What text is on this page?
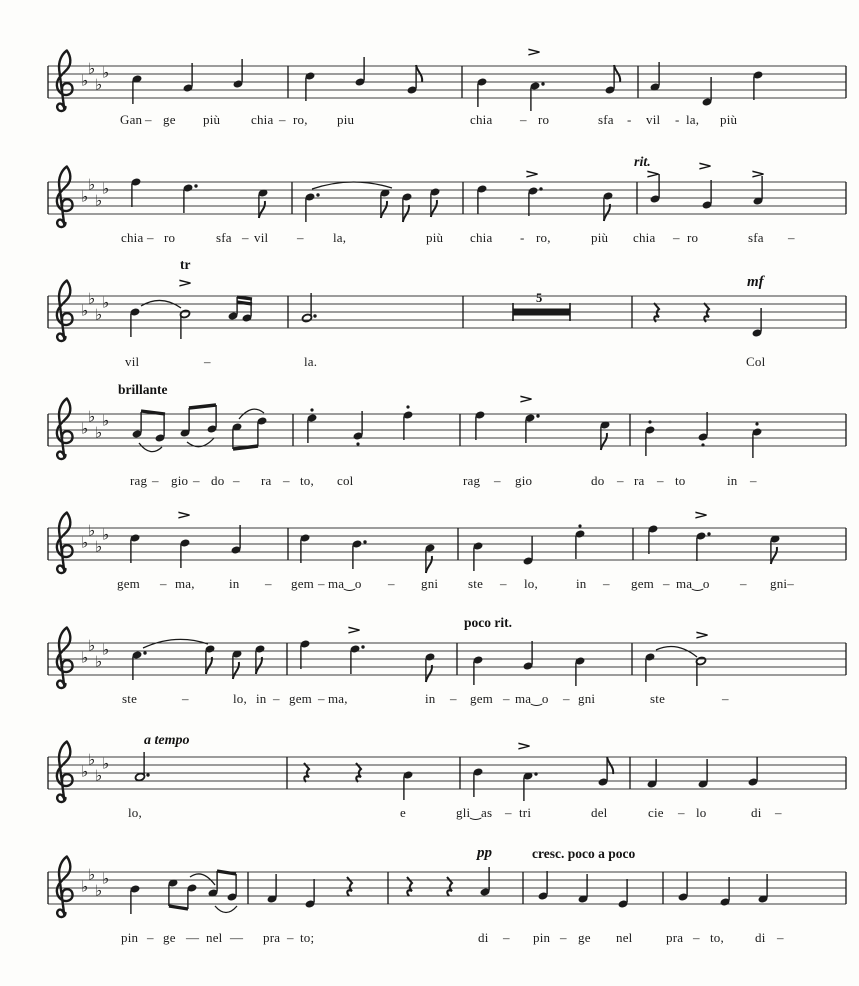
♭
♭
♭
♭
♭
♭
♭
♭
♭
♭
♭
♭
♭
♭
♭
♭
♭
♭
♭
♭
♭
♭
♭
♭
♭
♭
♭
♭
♭
♭
♭
♭
>
Gan – ge più chia – ro, piu	chia – ro	sfa - vil - la, più
>
rit.
>
>
>
chia – ro	sfa – vil – la,	più chia - ro,	più chia – ro	sfa –
5
tr
>	mf
vil	–	la.	Col
brillante
>
rag – gio – do – ra – to, col	rag – gio	do – ra – to	in –
>	>
gem – ma,	in – gem – ma‿o – gni ste – lo,	in – gem – ma‿o – gni–
>	poco rit.
>
ste	–	lo, in – gem – ma,	in – gem – ma‿o – gni	ste	–
a tempo	>
lo,	e	gli‿as – tri	del	cie – lo	di –
pp	cresc. poco a poco
pin – ge — nel — pra – to;	di – pin – ge nel	pra – to, di –
